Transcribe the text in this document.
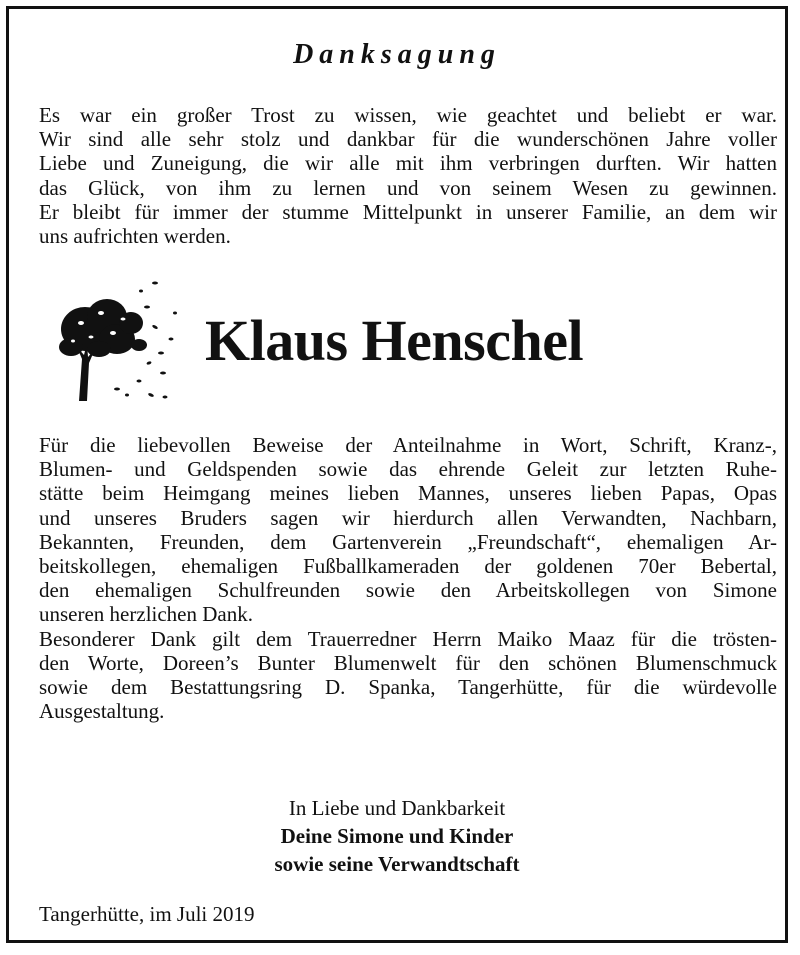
Danksagung
Es war ein großer Trost zu wissen, wie geachtet und beliebt er war.
Wir sind alle sehr stolz und dankbar für die wunderschönen Jahre voller
Liebe und Zuneigung, die wir alle mit ihm verbringen durften. Wir hatten
das Glück, von ihm zu lernen und von seinem Wesen zu gewinnen.
Er bleibt für immer der stumme Mittelpunkt in unserer Familie, an dem wir
uns aufrichten werden.
Klaus Henschel
Für die liebevollen Beweise der Anteilnahme in Wort, Schrift, Kranz-,
Blumen- und Geldspenden sowie das ehrende Geleit zur letzten Ruhe-
stätte beim Heimgang meines lieben Mannes, unseres lieben Papas, Opas
und unseres Bruders sagen wir hierdurch allen Verwandten, Nachbarn,
Bekannten, Freunden, dem Gartenverein „Freundschaft“, ehemaligen Ar-
beitskollegen, ehemaligen Fußballkameraden der goldenen 70er Bebertal,
den ehemaligen Schulfreunden sowie den Arbeitskollegen von Simone
unseren herzlichen Dank.
Besonderer Dank gilt dem Trauerredner Herrn Maiko Maaz für die trösten-
den Worte, Doreen’s Bunter Blumenwelt für den schönen Blumenschmuck
sowie dem Bestattungsring D. Spanka, Tangerhütte, für die würdevolle
Ausgestaltung.
In Liebe und Dankbarkeit
Deine Simone und Kinder
sowie seine Verwandtschaft
Tangerhütte, im Juli 2019
